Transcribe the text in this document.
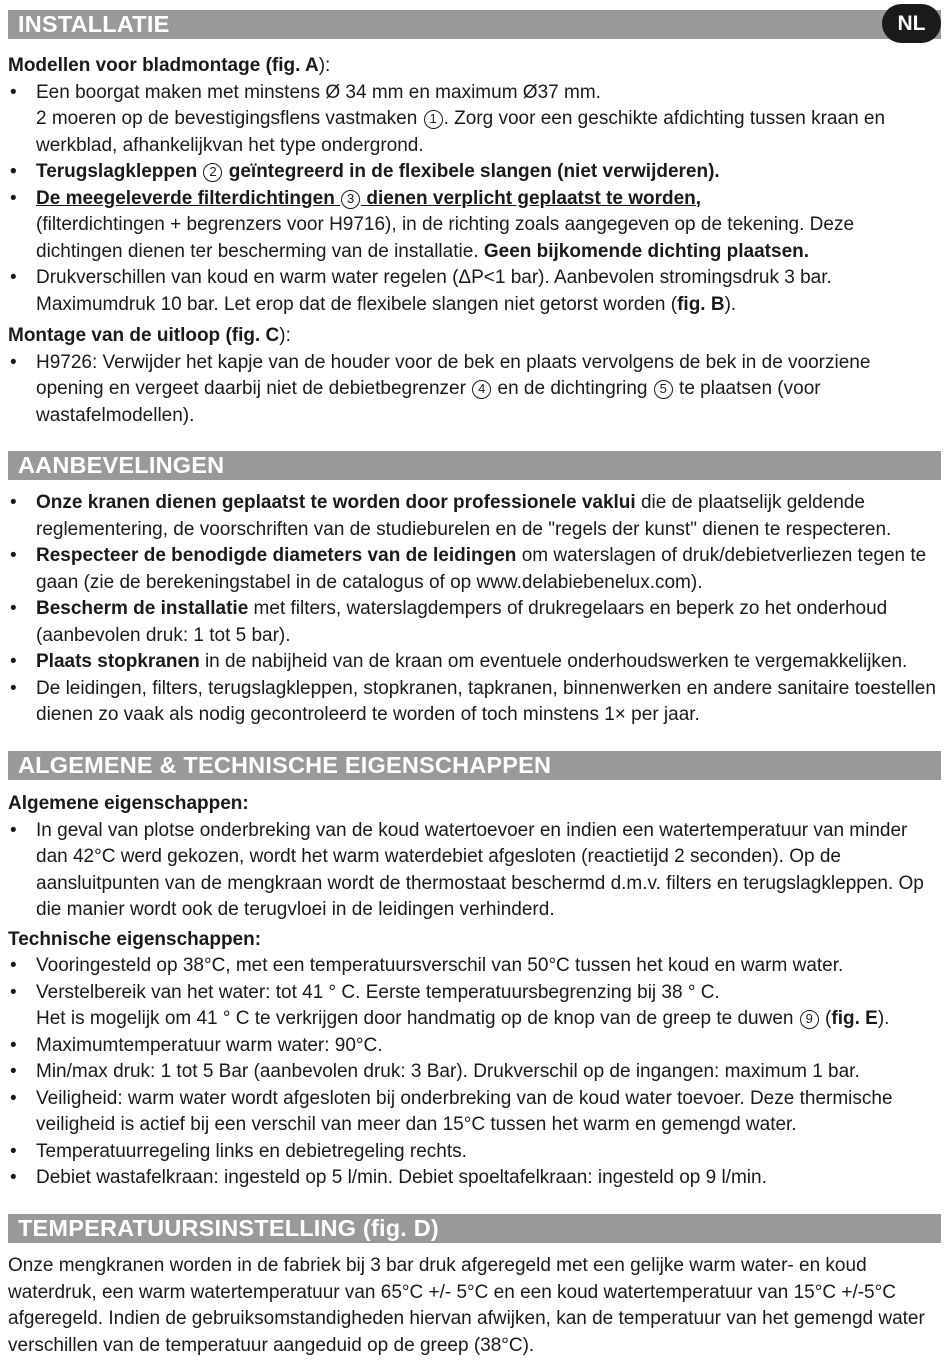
INSTALLATIE	NL
Modellen voor bladmontage (fig. A):
• Een boorgat maken met minstens Ø 34 mm en maximum Ø37 mm.
2 moeren op de bevestigingsflens vastmaken 1 . Zorg voor een geschikte afdichting tussen kraan en werkblad, afhankelijkvan het type ondergrond.
• Terugslagkleppen 2 geïntegreerd in de flexibele slangen (niet verwijderen).
• De meegeleverde filterdichtingen 3 dienen verplicht geplaatst te worden,
(filterdichtingen + begrenzers voor H9716), in de richting zoals aangegeven op de tekening. Deze dichtingen dienen ter bescherming van de installatie. Geen bijkomende dichting plaatsen.
• Drukverschillen van koud en warm water regelen (ΔP<1 bar). Aanbevolen stromingsdruk 3 bar. Maximumdruk 10 bar. Let erop dat de flexibele slangen niet getorst worden (fig. B).
Montage van de uitloop (fig. C):
• H9726: Verwijder het kapje van de houder voor de bek en plaats vervolgens de bek in de voorziene opening en vergeet daarbij niet de debietbegrenzer 4 en de dichtingring 5 te plaatsen (voor wastafelmodellen).
AANBEVELINGEN
• Onze kranen dienen geplaatst te worden door professionele vaklui die de plaatselijk geldende reglementering, de voorschriften van de studieburelen en de "regels der kunst" dienen te respecteren.
• Respecteer de benodigde diameters van de leidingen om waterslagen of druk/debietverliezen tegen te gaan (zie de berekeningstabel in de catalogus of op www.delabiebenelux.com).
• Bescherm de installatie met filters, waterslagdempers of drukregelaars en beperk zo het onderhoud (aanbevolen druk: 1 tot 5 bar).
• Plaats stopkranen in de nabijheid van de kraan om eventuele onderhoudswerken te vergemakkelijken.
• De leidingen, filters, terugslagkleppen, stopkranen, tapkranen, binnenwerken en andere sanitaire toestellen dienen zo vaak als nodig gecontroleerd te worden of toch minstens 1× per jaar.
ALGEMENE & TECHNISCHE EIGENSCHAPPEN
Algemene eigenschappen:
• In geval van plotse onderbreking van de koud watertoevoer en indien een watertemperatuur van minder dan 42°C werd gekozen, wordt het warm waterdebiet afgesloten (reactietijd 2 seconden). Op de aansluitpunten van de mengkraan wordt de thermostaat beschermd d.m.v. filters en terugslagkleppen. Op die manier wordt ook de terugvloei in de leidingen verhinderd.
Technische eigenschappen:
• Vooringesteld op 38°C, met een temperatuursverschil van 50°C tussen het koud en warm water.
• Verstelbereik van het water: tot 41 ° C. Eerste temperatuursbegrenzing bij 38 ° C.
Het is mogelijk om 41 ° C te verkrijgen door handmatig op de knop van de greep te duwen 9 (fig. E).
• Maximumtemperatuur warm water: 90°C.
• Min/max druk: 1 tot 5 Bar (aanbevolen druk: 3 Bar). Drukverschil op de ingangen: maximum 1 bar.
• Veiligheid: warm water wordt afgesloten bij onderbreking van de koud water toevoer. Deze thermische veiligheid is actief bij een verschil van meer dan 15°C tussen het warm en gemengd water.
• Temperatuurregeling links en debietregeling rechts.
• Debiet wastafelkraan: ingesteld op 5 l/min. Debiet spoeltafelkraan: ingesteld op 9 l/min.
TEMPERATUURSINSTELLING (fig. D)
Onze mengkranen worden in de fabriek bij 3 bar druk afgeregeld met een gelijke warm water- en koud waterdruk, een warm watertemperatuur van 65°C +/- 5°C en een koud watertemperatuur van 15°C +/-5°C afgeregeld. Indien de gebruiksomstandigheden hiervan afwijken, kan de temperatuur van het gemengd water verschillen van de temperatuur aangeduid op de greep (38°C).
